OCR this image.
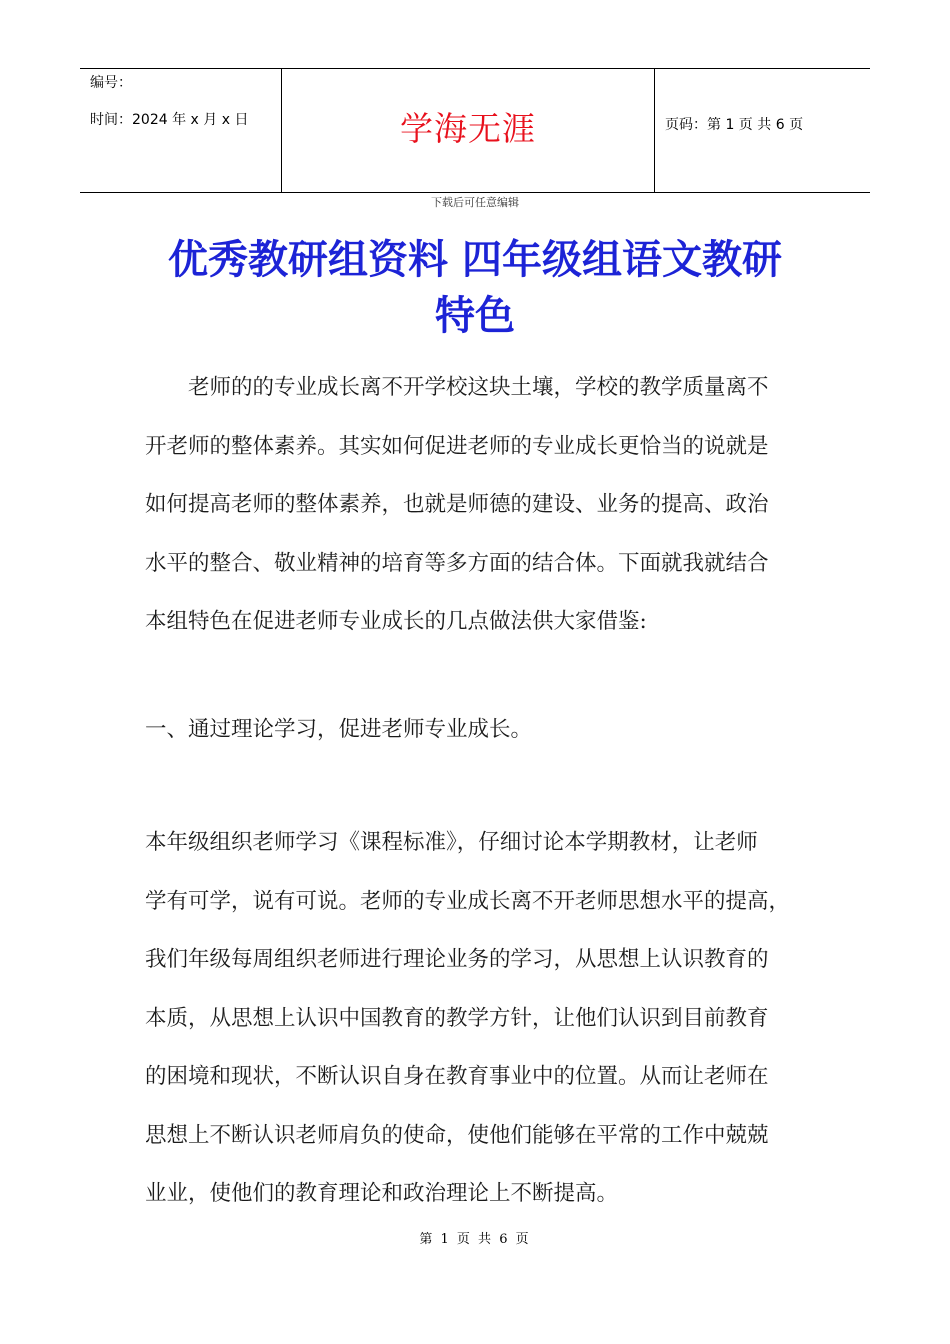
编号：
时间：2024 年 x 月 x 日	学海无涯	页码：第 1 页 共 6 页
下载后可任意编辑
优秀教研组资料 四年级组语文教研
特色
老师的的专业成长离不开学校这块土壤，学校的教学质量离不
开老师的整体素养。其实如何促进老师的专业成长更恰当的说就是
如何提高老师的整体素养，也就是师德的建设、业务的提高、政治
水平的整合、敬业精神的培育等多方面的结合体。下面就我就结合
本组特色在促进老师专业成长的几点做法供大家借鉴:
一、通过理论学习，促进老师专业成长。
本年级组织老师学习《课程标准》，仔细讨论本学期教材，让老师
学有可学，说有可说。老师的专业成长离不开老师思想水平的提高，
我们年级每周组织老师进行理论业务的学习，从思想上认识教育的
本质，从思想上认识中国教育的教学方针，让他们认识到目前教育
的困境和现状，不断认识自身在教育事业中的位置。从而让老师在
思想上不断认识老师肩负的使命，使他们能够在平常的工作中兢兢
业业，使他们的教育理论和政治理论上不断提高。
第 1 页 共 6 页
